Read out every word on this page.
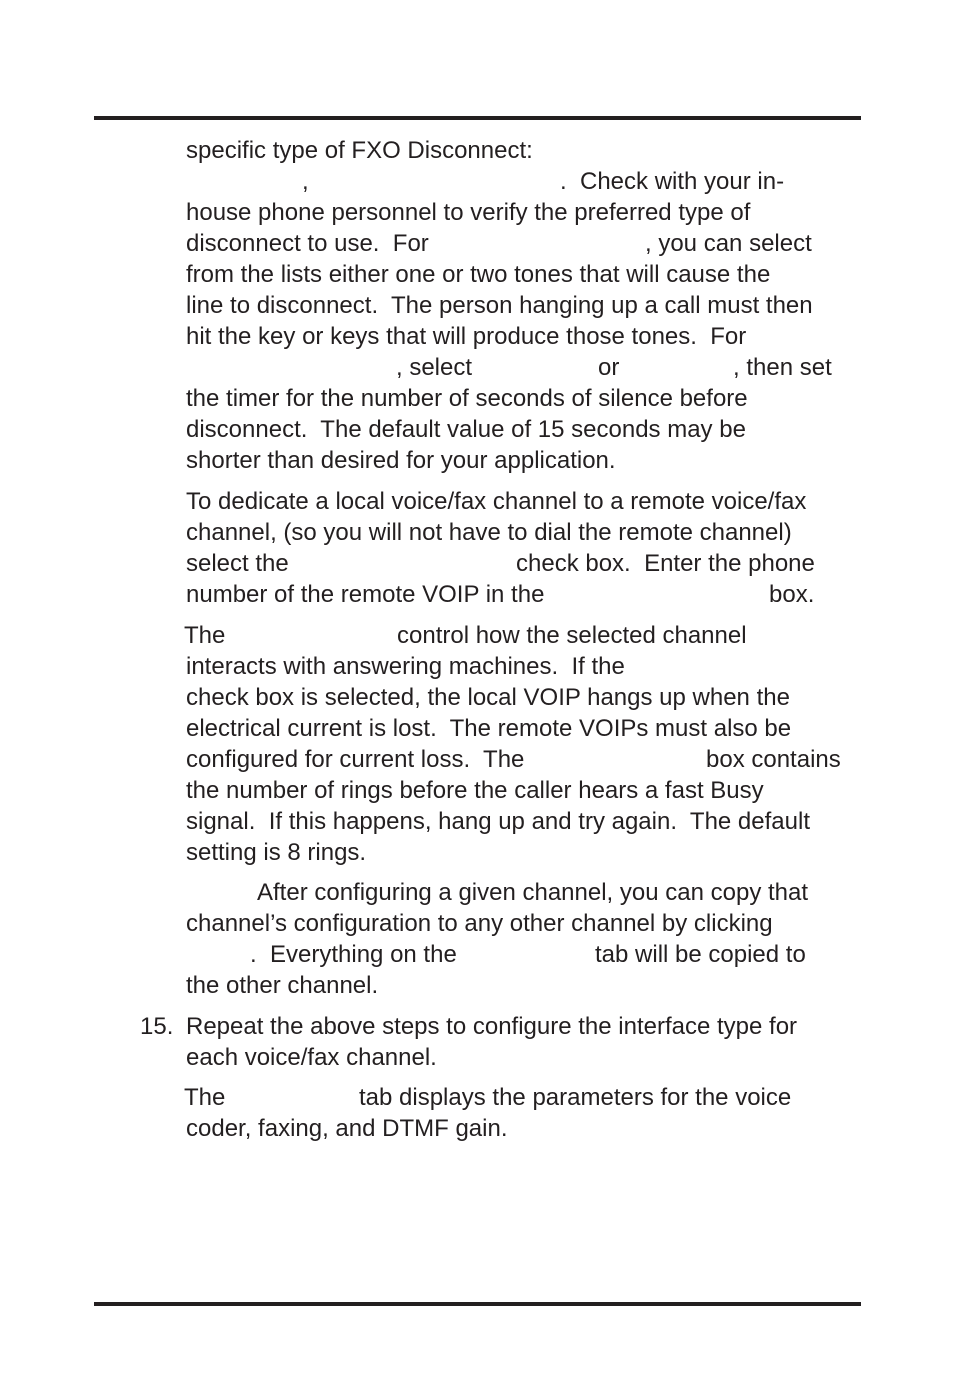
specific type of FXO Disconnect:

,	.  Check with your in-

house phone personnel to verify the preferred type of

disconnect to use.  For	, you can select

from the lists either one or two tones that will cause the

line to disconnect.  The person hanging up a call must then

hit the key or keys that will produce those tones.  For

, select	or	, then set

the timer for the number of seconds of silence before

disconnect.  The default value of 15 seconds may be

shorter than desired for your application.

To dedicate a local voice/fax channel to a remote voice/fax

channel, (so you will not have to dial the remote channel)

select the	check box.  Enter the phone

number of the remote VOIP in the	box.

The	control how the selected channel

interacts with answering machines.  If the

check box is selected, the local VOIP hangs up when the

electrical current is lost.  The remote VOIPs must also be

configured for current loss.  The	box contains

the number of rings before the caller hears a fast Busy

signal.  If this happens, hang up and try again.  The default

setting is 8 rings.

After configuring a given channel, you can copy that

channel’s configuration to any other channel by clicking

.  Everything on the	tab will be copied to

the other channel.

15. Repeat the above steps to configure the interface type for

each voice/fax channel.

The	tab displays the parameters for the voice

coder, faxing, and DTMF gain.
